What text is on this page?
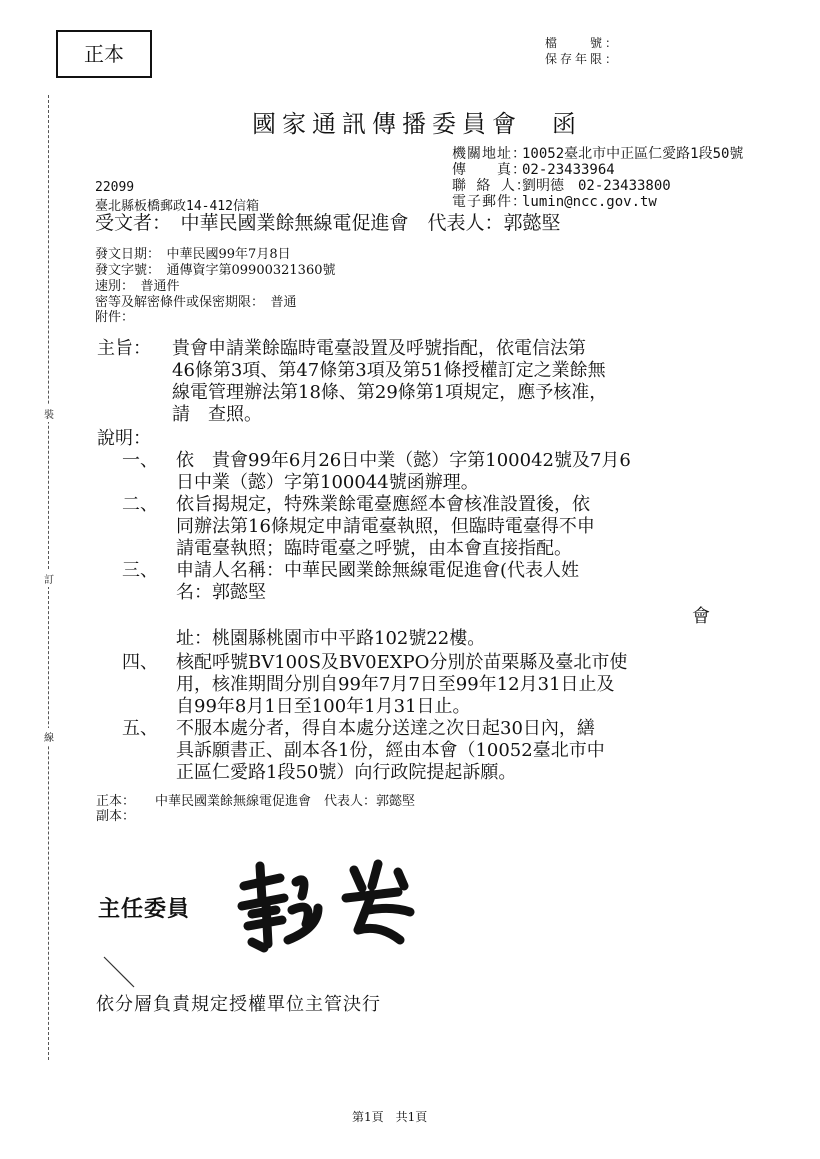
正本	檔　　號：
保存年限：
裝
訂
線
國家通訊傳播委員會　函
機關地址：10052臺北市中正區仁愛路1段50號
傳　　真：02-23433964
聯 絡 人：劉明德　02-23433800
電子郵件：lumin@ncc.gov.tw
22099
臺北縣板橋郵政14-412信箱
受文者：　中華民國業餘無線電促進會　代表人：郭懿堅
發文日期：　中華民國99年7月8日
發文字號：　通傳資字第09900321360號
速別：　普通件
密等及解密條件或保密期限：　普通
附件：
主旨： 貴會申請業餘臨時電臺設置及呼號指配，依電信法第
46條第3項、第47條第3項及第51條授權訂定之業餘無
線電管理辦法第18條、第29條第1項規定，應予核准，
請　查照。
說明：
一、 依　貴會99年6月26日中業（懿）字第100042號及7月6
日中業（懿）字第100044號函辦理。
二、 依旨揭規定，特殊業餘電臺應經本會核准設置後，依
同辦法第16條規定申請電臺執照，但臨時電臺得不申
請電臺執照；臨時電臺之呼號，由本會直接指配。
三、 申請人名稱：中華民國業餘無線電促進會(代表人姓
名：郭懿堅
會
址：桃園縣桃園市中平路102號22樓。
四、 核配呼號BV100S及BV0EXPO分別於苗栗縣及臺北市使
用，核准期間分別自99年7月7日至99年12月31日止及
自99年8月1日至100年1月31日止。
五、 不服本處分者，得自本處分送達之次日起30日內，繕
具訴願書正、副本各1份，經由本會（10052臺北市中
正區仁愛路1段50號）向行政院提起訴願。
正本： 中華民國業餘無線電促進會　代表人：郭懿堅
副本：
主任委員
依分層負責規定授權單位主管決行
第1頁　共1頁
